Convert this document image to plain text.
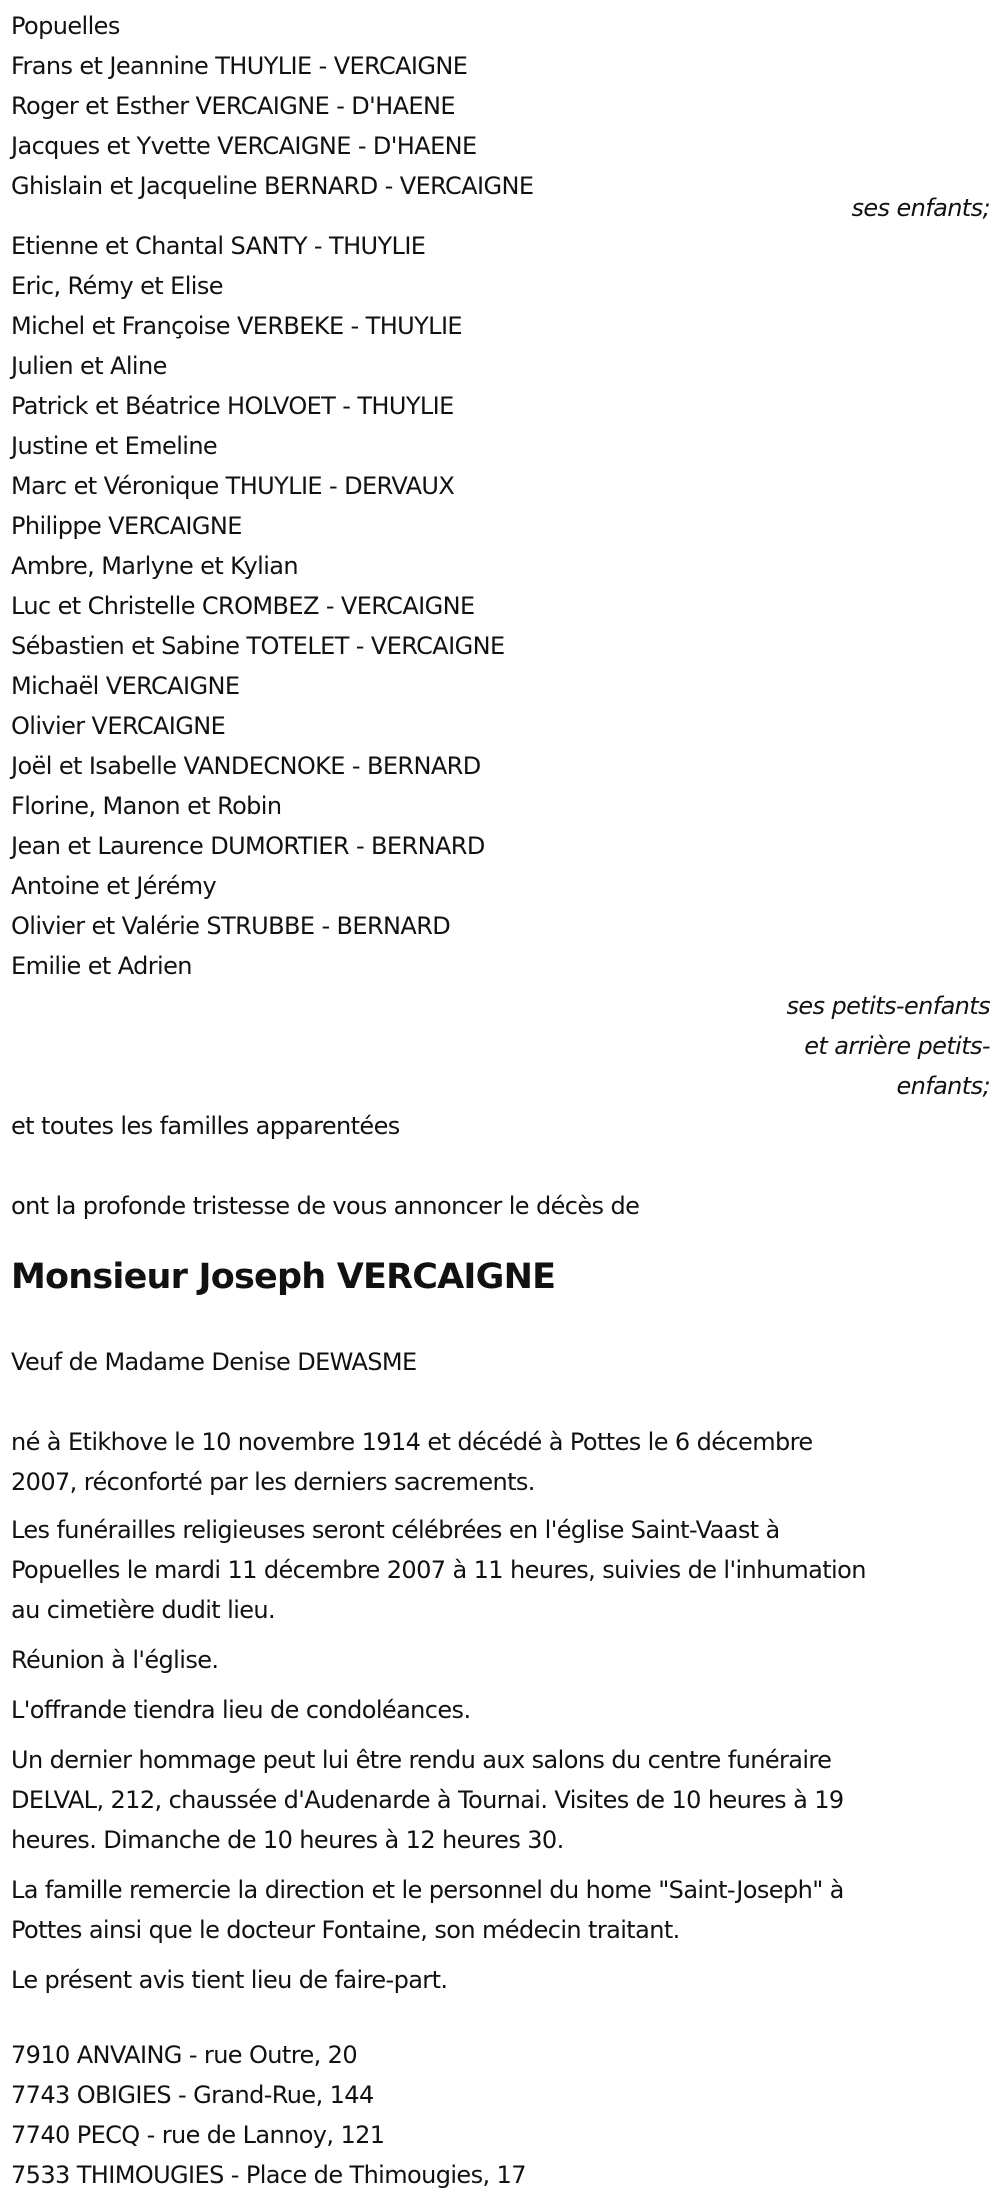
Popuelles
Frans et Jeannine THUYLIE - VERCAIGNE
Roger et Esther VERCAIGNE - D'HAENE
Jacques et Yvette VERCAIGNE - D'HAENE
Ghislain et Jacqueline BERNARD - VERCAIGNE
ses enfants;
Etienne et Chantal SANTY - THUYLIE
Eric, Rémy et Elise
Michel et Françoise VERBEKE - THUYLIE
Julien et Aline
Patrick et Béatrice HOLVOET - THUYLIE
Justine et Emeline
Marc et Véronique THUYLIE - DERVAUX
Philippe VERCAIGNE
Ambre, Marlyne et Kylian
Luc et Christelle CROMBEZ - VERCAIGNE
Sébastien et Sabine TOTELET - VERCAIGNE
Michaël VERCAIGNE
Olivier VERCAIGNE
Joël et Isabelle VANDECNOKE - BERNARD
Florine, Manon et Robin
Jean et Laurence DUMORTIER - BERNARD
Antoine et Jérémy
Olivier et Valérie STRUBBE - BERNARD
Emilie et Adrien
ses petits-enfants
et arrière petits-
enfants;
et toutes les familles apparentées
ont la profonde tristesse de vous annoncer le décès de
Monsieur Joseph VERCAIGNE
Veuf de Madame Denise DEWASME
né à Etikhove le 10 novembre 1914 et décédé à Pottes le 6 décembre
2007, réconforté par les derniers sacrements.
Les funérailles religieuses seront célébrées en l'église Saint-Vaast à
Popuelles le mardi 11 décembre 2007 à 11 heures, suivies de l'inhumation
au cimetière dudit lieu.
Réunion à l'église.
L'offrande tiendra lieu de condoléances.
Un dernier hommage peut lui être rendu aux salons du centre funéraire
DELVAL, 212, chaussée d'Audenarde à Tournai. Visites de 10 heures à 19
heures. Dimanche de 10 heures à 12 heures 30.
La famille remercie la direction et le personnel du home "Saint-Joseph" à
Pottes ainsi que le docteur Fontaine, son médecin traitant.
Le présent avis tient lieu de faire-part.
7910 ANVAING - rue Outre, 20
7743 OBIGIES - Grand-Rue, 144
7740 PECQ - rue de Lannoy, 121
7533 THIMOUGIES - Place de Thimougies, 17
